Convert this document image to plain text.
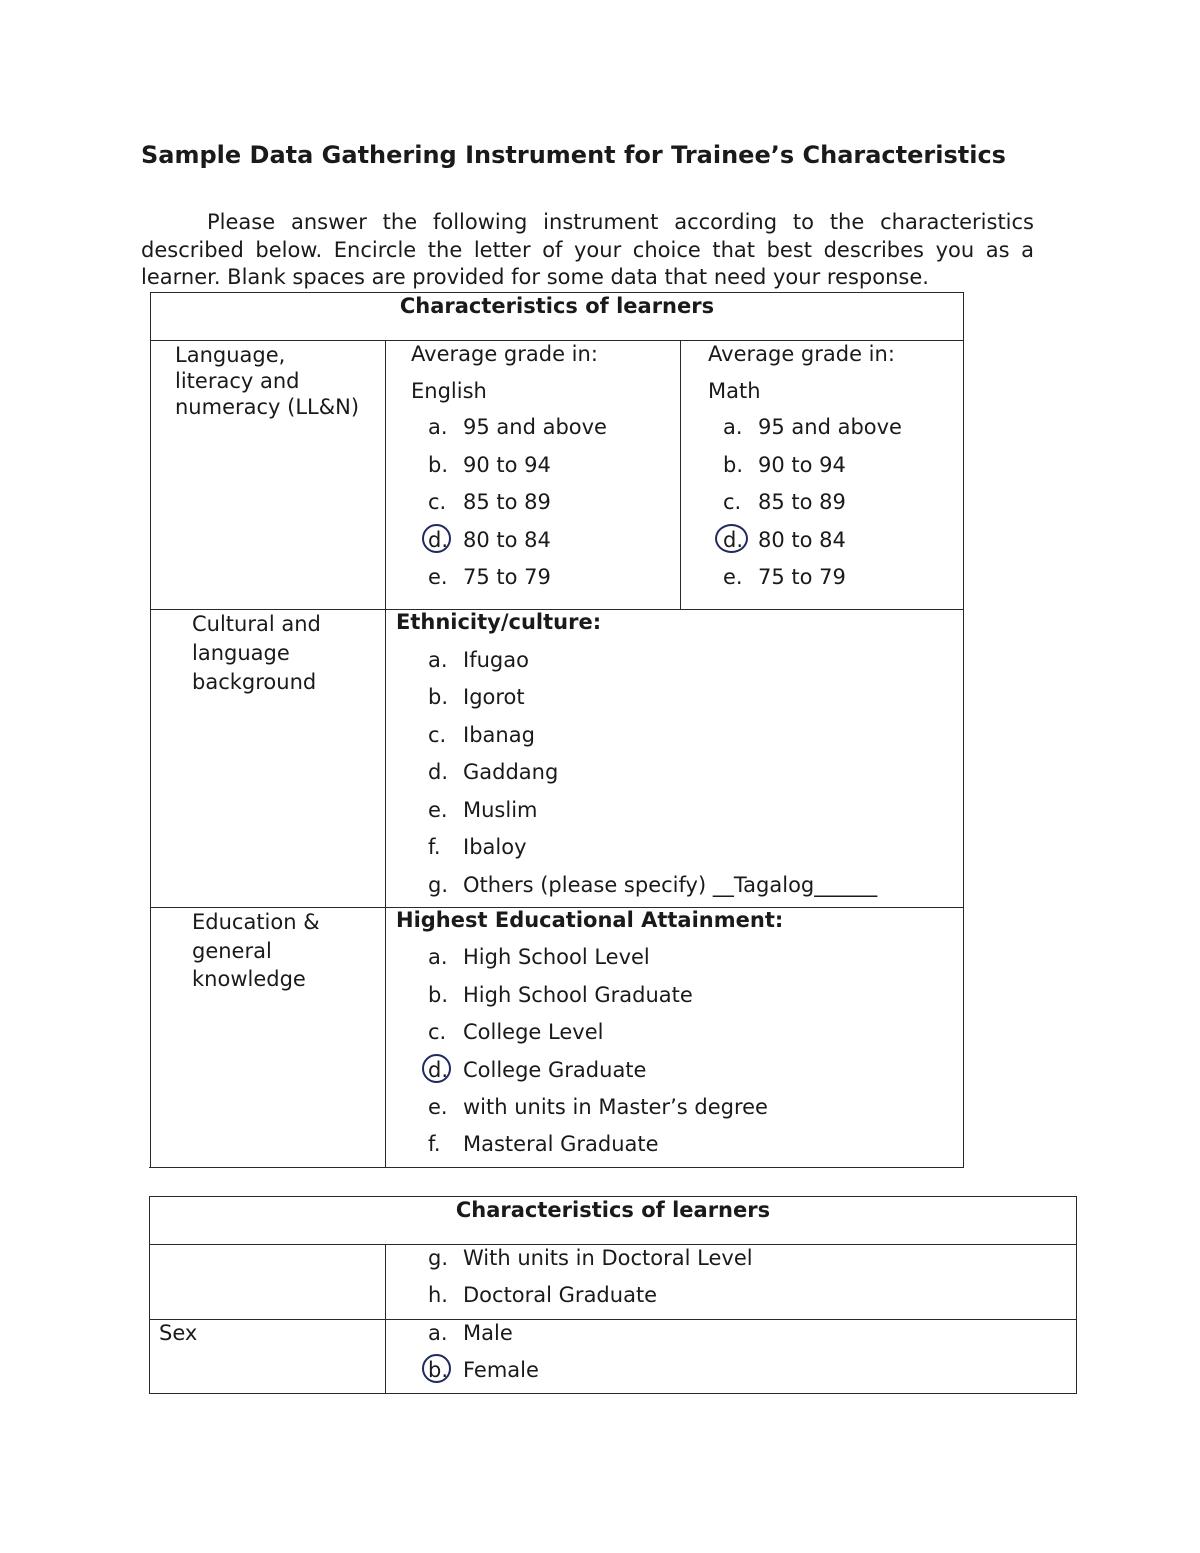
Sample Data Gathering Instrument for Trainee’s Characteristics

Please answer the following instrument according to the characteristics described below. Encircle the letter of your choice that best describes you as a learner. Blank spaces are provided for some data that need your response.

Characteristics of learners
Language, literacy and numeracy (LL&N)
Average grade in:
English
a. 95 and above
b. 90 to 94
c. 85 to 89
d. 80 to 84
e. 75 to 79
Average grade in:
Math
a. 95 and above
b. 90 to 94
c. 85 to 89
d. 80 to 84
e. 75 to 79
Cultural and language background
Ethnicity/culture:
a. Ifugao
b. Igorot
c. Ibanag
d. Gaddang
e. Muslim
f. Ibaloy
g. Others (please specify) __Tagalog______
Education & general knowledge
Highest Educational Attainment:
a. High School Level
b. High School Graduate
c. College Level
d. College Graduate
e. with units in Master’s degree
f. Masteral Graduate
Characteristics of learners
g. With units in Doctoral Level
h. Doctoral Graduate
Sex	a. Male
b. Female
